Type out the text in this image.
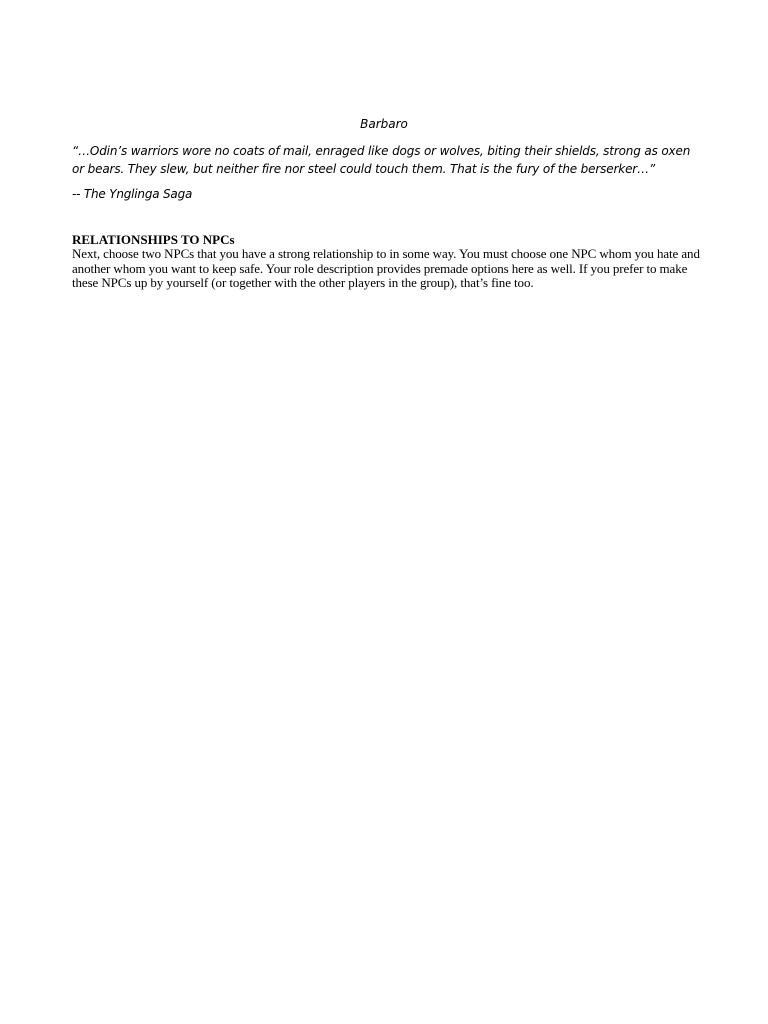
Barbaro
“…Odin’s warriors wore no coats of mail, enraged like dogs or wolves, biting their shields, strong as oxen or bears. They slew, but neither fire nor steel could touch them. That is the fury of the berserker…”
-- The Ynglinga Saga
RELATIONSHIPS TO NPCs
Next, choose two NPCs that you have a strong relationship to in some way. You must choose one NPC whom you hate and another whom you want to keep safe. Your role description provides premade options here as well. If you prefer to make these NPCs up by yourself (or together with the other players in the group), that’s fine too.
